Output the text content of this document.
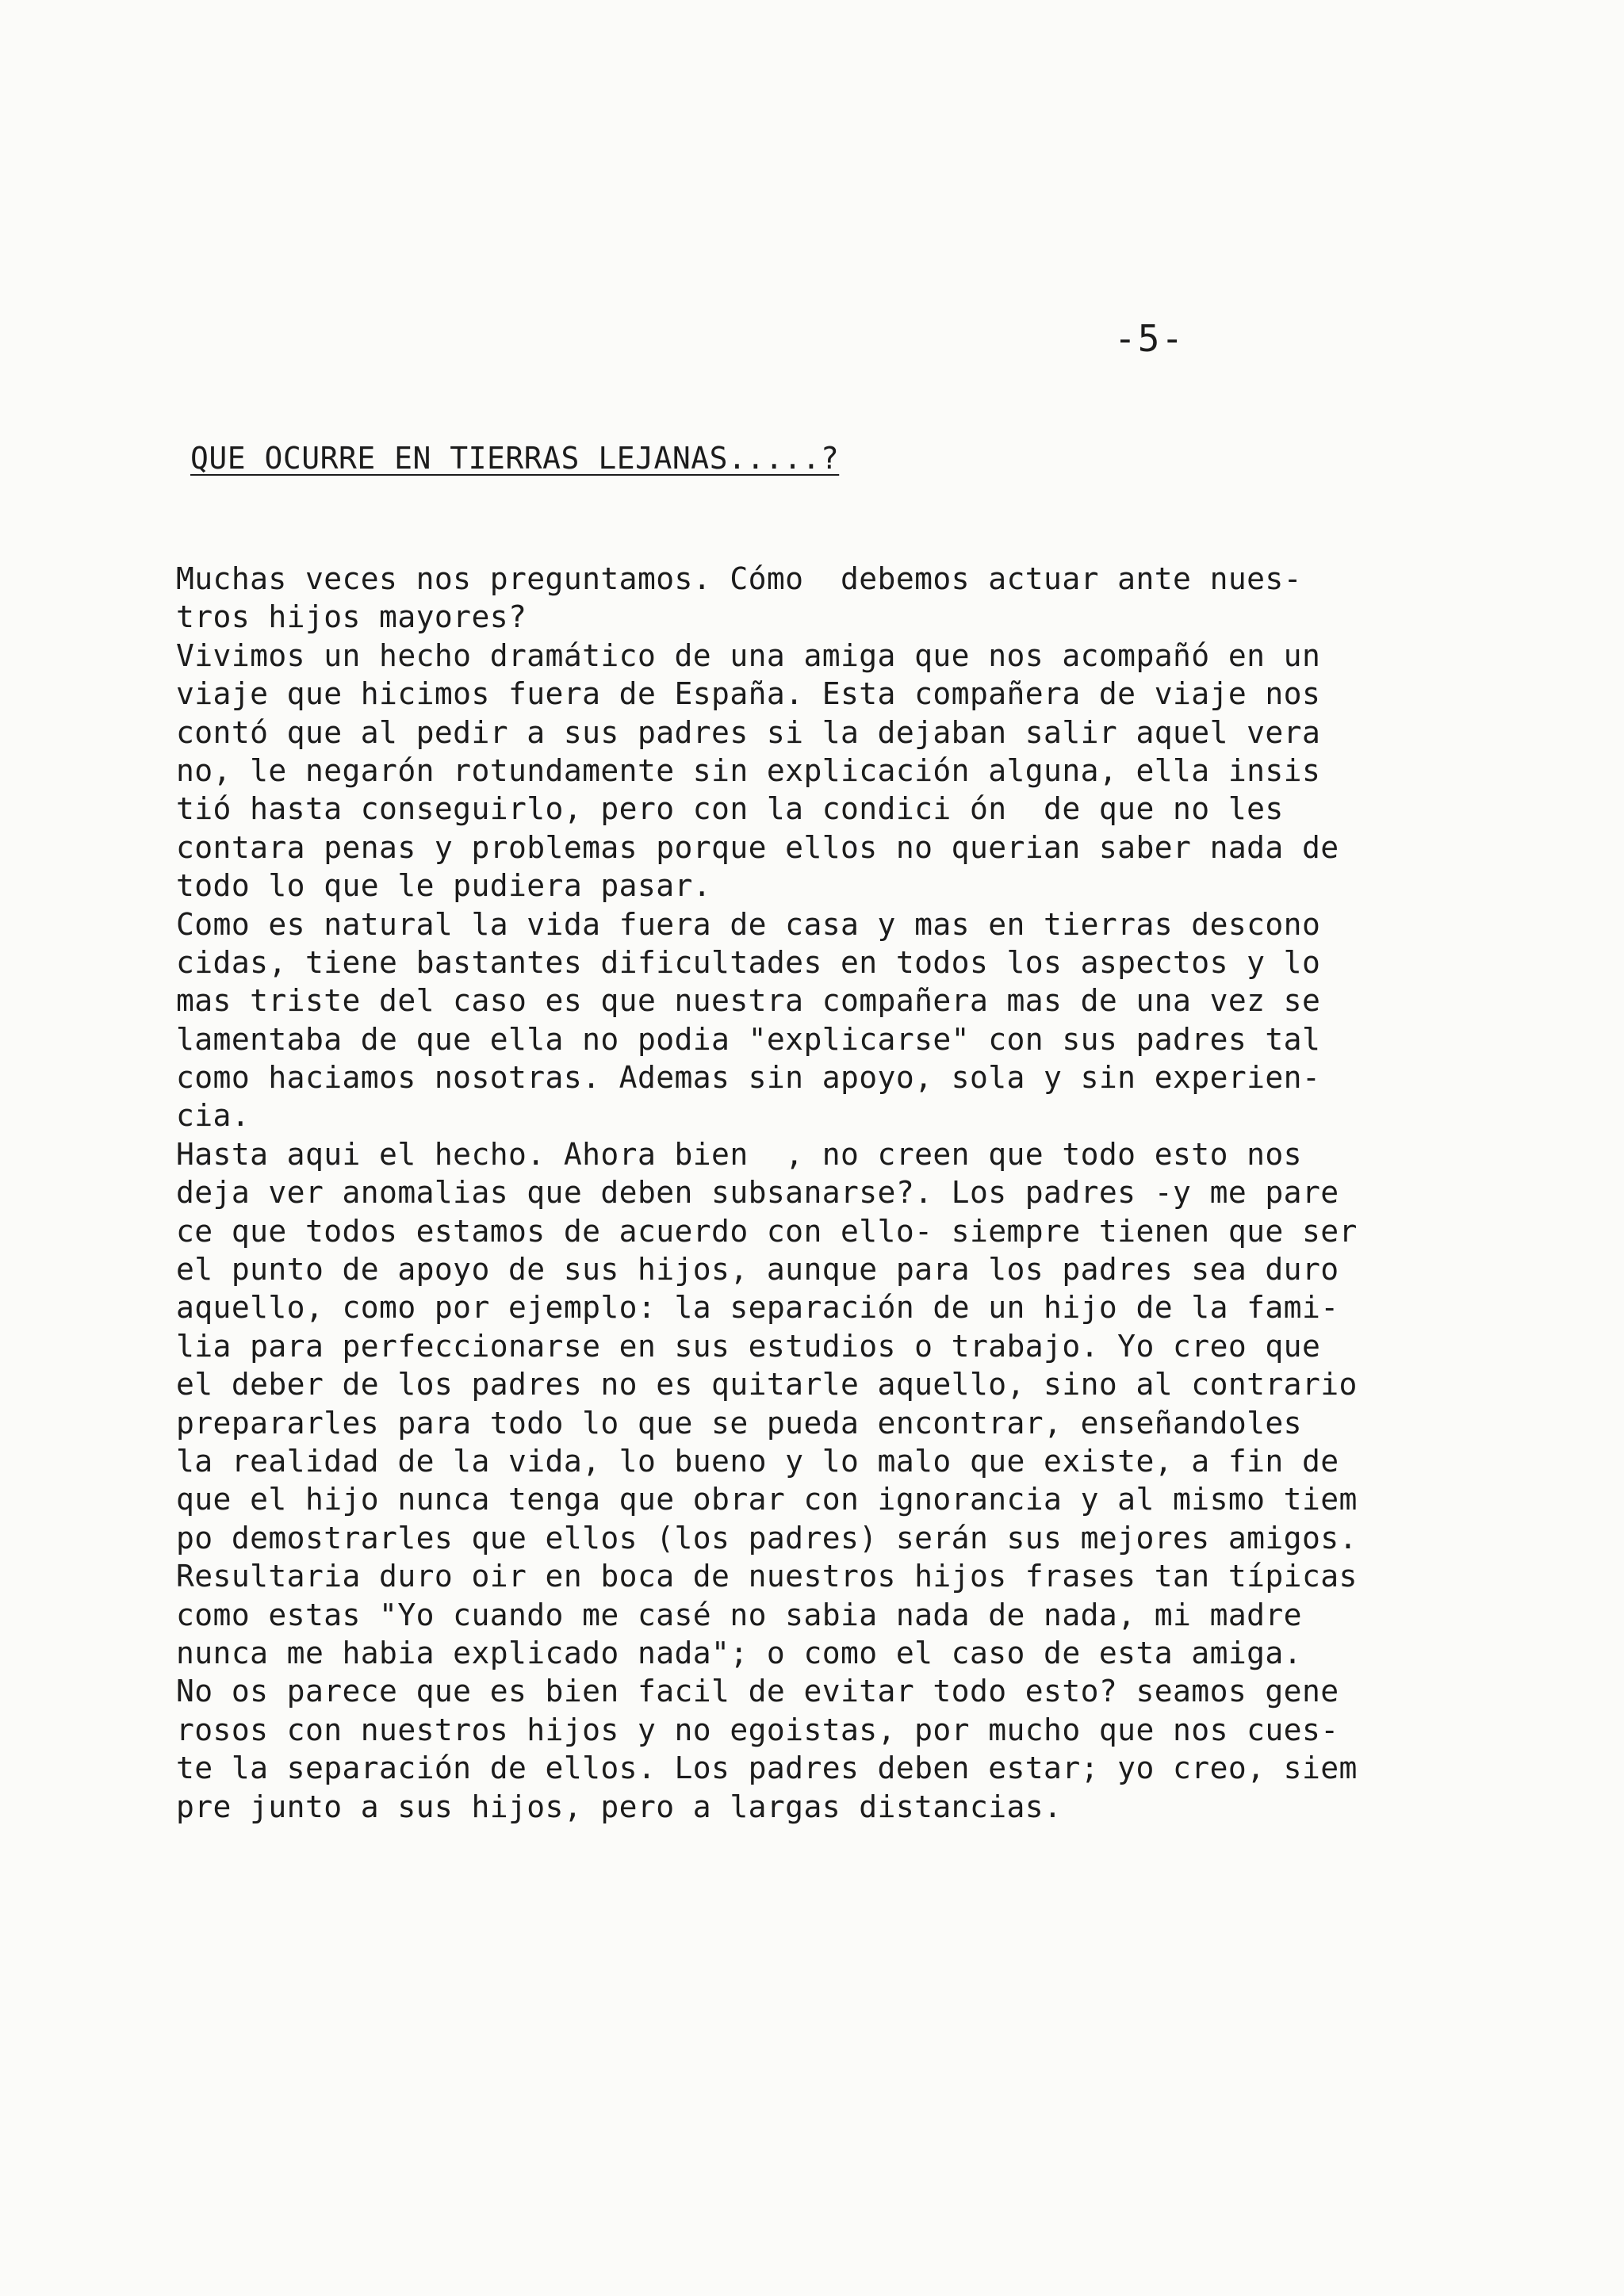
-5-
QUE OCURRE EN TIERRAS LEJANAS.....?
Muchas veces nos preguntamos. Cómo  debemos actuar ante nues-
tros hijos mayores?
Vivimos un hecho dramático de una amiga que nos acompañó en un
viaje que hicimos fuera de España. Esta compañera de viaje nos
contó que al pedir a sus padres si la dejaban salir aquel vera
no, le negarón rotundamente sin explicación alguna, ella insis
tió hasta conseguirlo, pero con la condici ón  de que no les
contara penas y problemas porque ellos no querian saber nada de
todo lo que le pudiera pasar.
Como es natural la vida fuera de casa y mas en tierras descono
cidas, tiene bastantes dificultades en todos los aspectos y lo
mas triste del caso es que nuestra compañera mas de una vez se
lamentaba de que ella no podia "explicarse" con sus padres tal
como haciamos nosotras. Ademas sin apoyo, sola y sin experien-
cia.
Hasta aqui el hecho. Ahora bien  , no creen que todo esto nos
deja ver anomalias que deben subsanarse?. Los padres -y me pare
ce que todos estamos de acuerdo con ello- siempre tienen que ser
el punto de apoyo de sus hijos, aunque para los padres sea duro
aquello, como por ejemplo: la separación de un hijo de la fami-
lia para perfeccionarse en sus estudios o trabajo. Yo creo que
el deber de los padres no es quitarle aquello, sino al contrario
prepararles para todo lo que se pueda encontrar, enseñandoles
la realidad de la vida, lo bueno y lo malo que existe, a fin de
que el hijo nunca tenga que obrar con ignorancia y al mismo tiem
po demostrarles que ellos (los padres) serán sus mejores amigos.
Resultaria duro oir en boca de nuestros hijos frases tan típicas
como estas "Yo cuando me casé no sabia nada de nada, mi madre
nunca me habia explicado nada"; o como el caso de esta amiga.
No os parece que es bien facil de evitar todo esto? seamos gene
rosos con nuestros hijos y no egoistas, por mucho que nos cues-
te la separación de ellos. Los padres deben estar; yo creo, siem
pre junto a sus hijos, pero a largas distancias.
